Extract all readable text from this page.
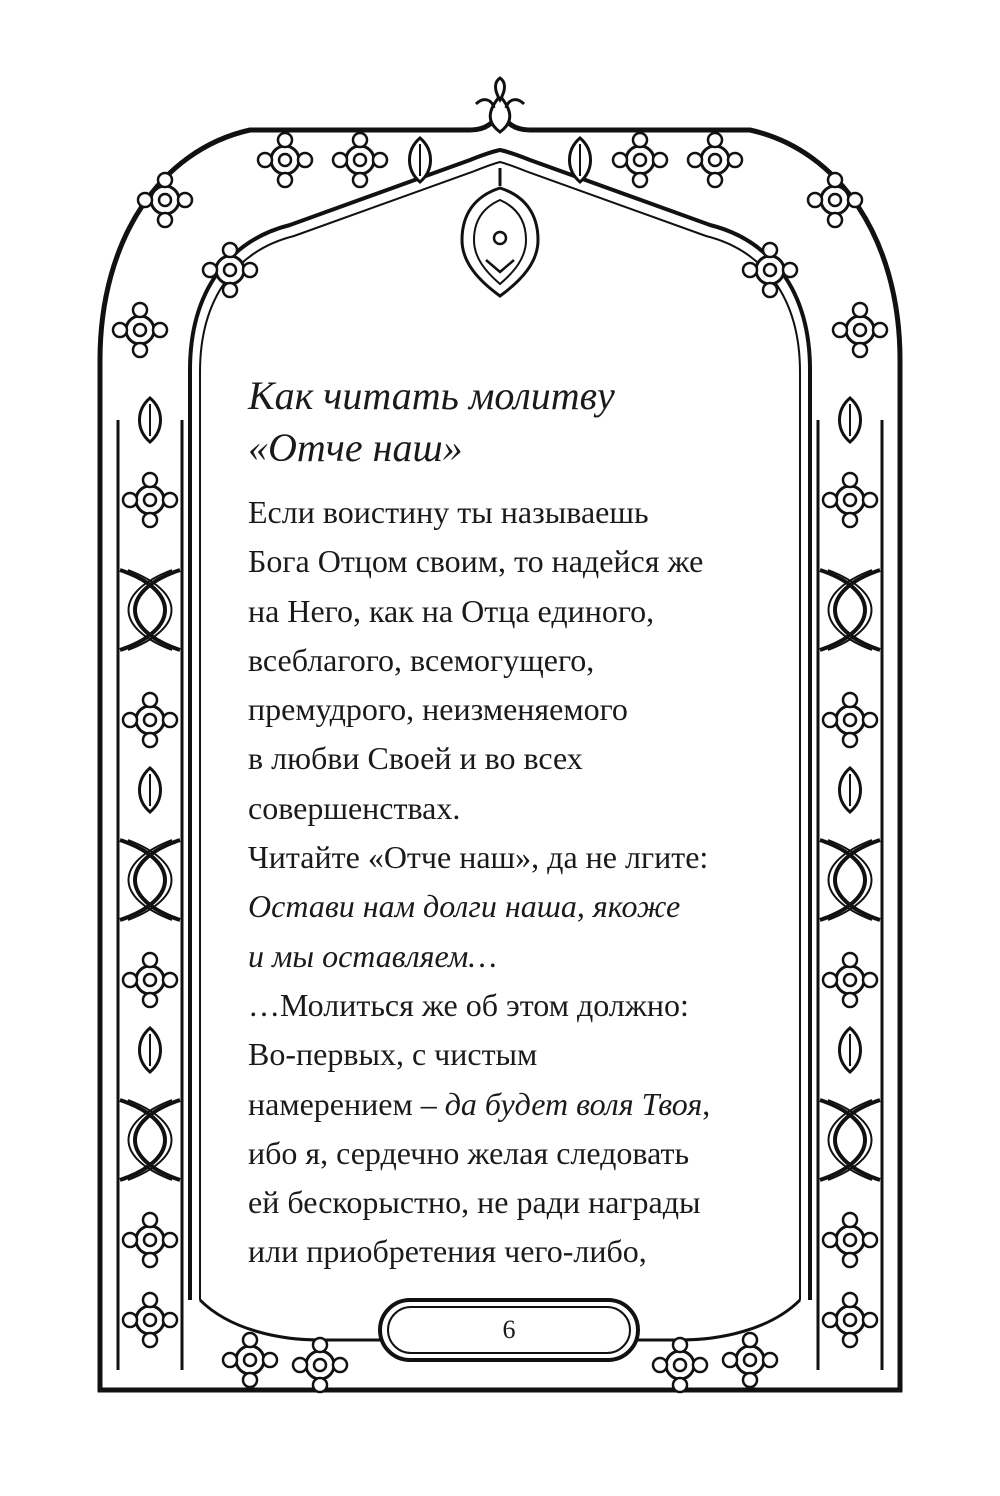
Как читать молитву
«Отче наш»
Если воистину ты называешь
Бога Отцом своим, то надейся же
на Него, как на Отца единого,
всеблагого, всемогущего,
премудрого, неизменяемого
в любви Своей и во всех
совершенствах.
Читайте «Отче наш», да не лгите:
Остави нам долги наша, якоже
и мы оставляем…
…Молиться же об этом должно:
Во-первых, с чистым
намерением – да будет воля Твоя,
ибо я, сердечно желая следовать
ей бескорыстно, не ради награды
или приобретения чего-либо,
6
